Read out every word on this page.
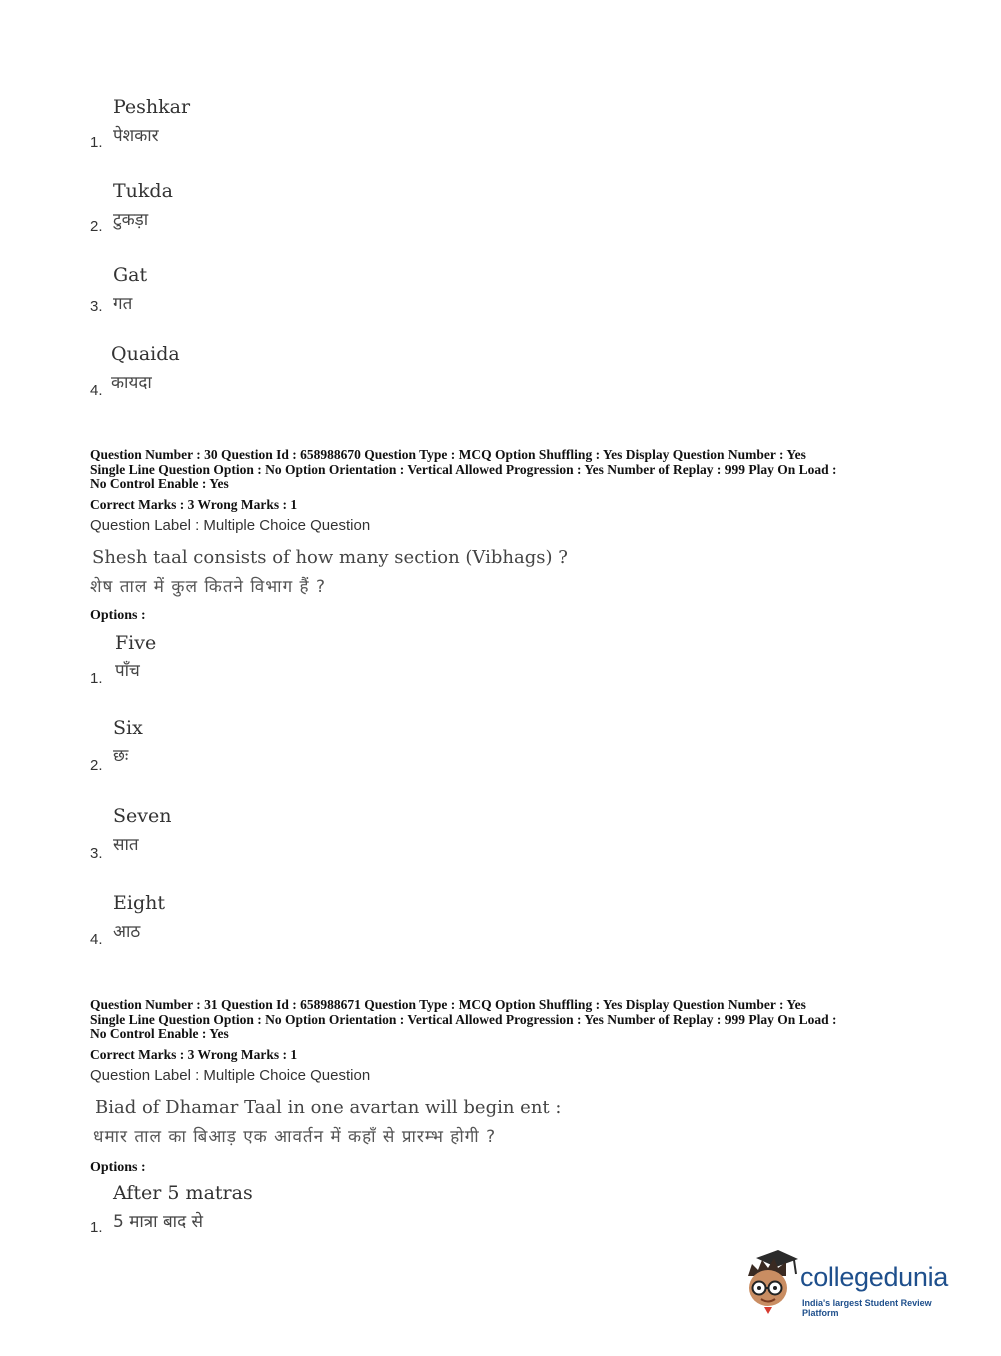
Peshkar
पेशकार
1.
Tukda
टुकड़ा
2.
Gat
गत
3.
Quaida
कायदा
4.
Question Number : 30 Question Id : 658988670 Question Type : MCQ Option Shuffling : Yes Display Question Number : Yes
Single Line Question Option : No Option Orientation : Vertical Allowed Progression : Yes Number of Replay : 999 Play On Load :
No Control Enable : Yes
Correct Marks : 3 Wrong Marks : 1
Question Label : Multiple Choice Question
Shesh taal consists of how many section (Vibhags) ?
शेष ताल में कुल कितने विभाग हैं ?
Options :
Five
पाँच
1.
Six
छः
2.
Seven
सात
3.
Eight
आठ
4.
Question Number : 31 Question Id : 658988671 Question Type : MCQ Option Shuffling : Yes Display Question Number : Yes
Single Line Question Option : No Option Orientation : Vertical Allowed Progression : Yes Number of Replay : 999 Play On Load :
No Control Enable : Yes
Correct Marks : 3 Wrong Marks : 1
Question Label : Multiple Choice Question
Biad of Dhamar Taal in one avartan will begin ent :
धमार ताल का बिआड़ एक आवर्तन में कहाँ से प्रारम्भ होगी ?
Options :
After 5 matras
5 मात्रा बाद से
1.
collegedunia
India's largest Student Review Platform
